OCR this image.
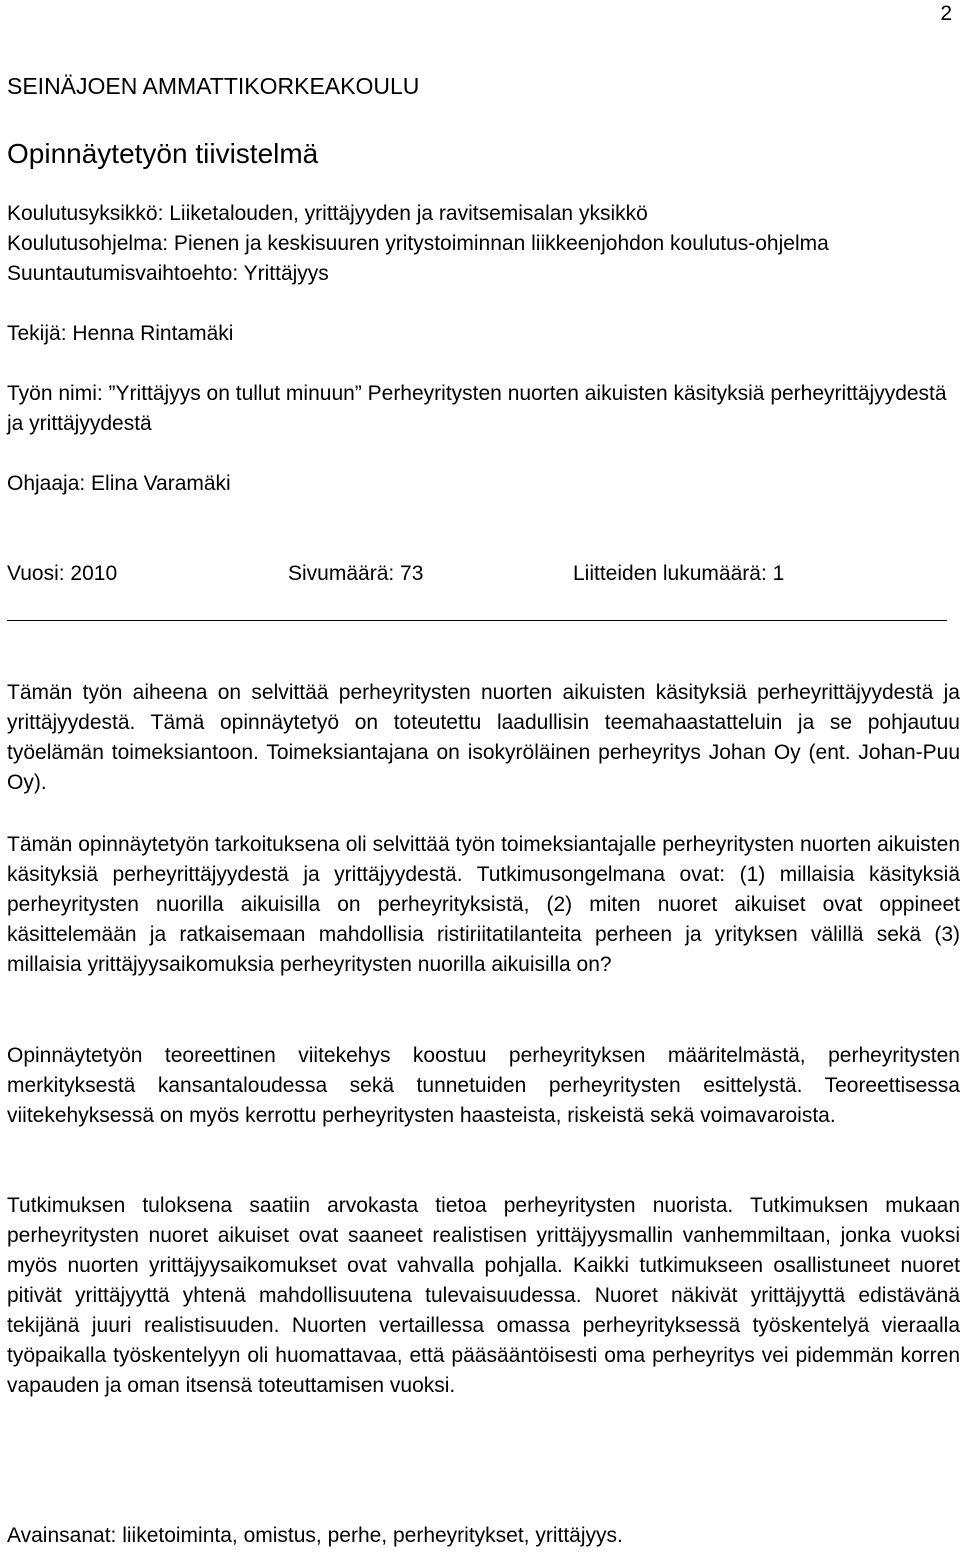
2
SEINÄJOEN AMMATTIKORKEAKOULU
Opinnäytetyön tiivistelmä
Koulutusyksikkö: Liiketalouden, yrittäjyyden ja ravitsemisalan yksikkö
Koulutusohjelma: Pienen ja keskisuuren yritystoiminnan liikkeenjohdon koulutus-ohjelma
Suuntautumisvaihtoehto: Yrittäjyys
Tekijä: Henna Rintamäki
Työn nimi: ”Yrittäjyys on tullut minuun” Perheyritysten nuorten aikuisten käsityksiä perheyrittäjyydestä ja yrittäjyydestä
Ohjaaja: Elina Varamäki
Vuosi: 2010	Sivumäärä: 73	Liitteiden lukumäärä: 1

Tämän työn aiheena on selvittää perheyritysten nuorten aikuisten käsityksiä perheyrittäjyydestä ja yrittäjyydestä. Tämä opinnäytetyö on toteutettu laadullisin teemahaastatteluin ja se pohjautuu työelämän toimeksiantoon. Toimeksiantajana on isokyröläinen perheyritys Johan Oy (ent. Johan-Puu Oy).

Tämän opinnäytetyön tarkoituksena oli selvittää työn toimeksiantajalle perheyritysten nuorten aikuisten käsityksiä perheyrittäjyydestä ja yrittäjyydestä. Tutkimusongelmana ovat: (1) millaisia käsityksiä perheyritysten nuorilla aikuisilla on perheyrityksistä, (2) miten nuoret aikuiset ovat oppineet käsittelemään ja ratkaisemaan mahdollisia ristiriitatilanteita perheen ja yrityksen välillä sekä (3) millaisia yrittäjyysaikomuksia perheyritysten nuorilla aikuisilla on?

Opinnäytetyön teoreettinen viitekehys koostuu perheyrityksen määritelmästä, perheyritysten merkityksestä kansantaloudessa sekä tunnetuiden perheyritysten esittelystä. Teoreettisessa viitekehyksessä on myös kerrottu perheyritysten haasteista, riskeistä sekä voimavaroista.

Tutkimuksen tuloksena saatiin arvokasta tietoa perheyritysten nuorista. Tutkimuksen mukaan perheyritysten nuoret aikuiset ovat saaneet realistisen yrittäjyysmallin vanhemmiltaan, jonka vuoksi myös nuorten yrittäjyysaikomukset ovat vahvalla pohjalla. Kaikki tutkimukseen osallistuneet nuoret pitivät yrittäjyyttä yhtenä mahdollisuutena tulevaisuudessa. Nuoret näkivät yrittäjyyttä edistävänä tekijänä juuri realistisuuden. Nuorten vertaillessa omassa perheyrityksessä työskentelyä vieraalla työpaikalla työskentelyyn oli huomattavaa, että pääsääntöisesti oma perheyritys vei pidemmän korren vapauden ja oman itsensä toteuttamisen vuoksi.

Avainsanat: liiketoiminta, omistus, perhe, perheyritykset, yrittäjyys.
